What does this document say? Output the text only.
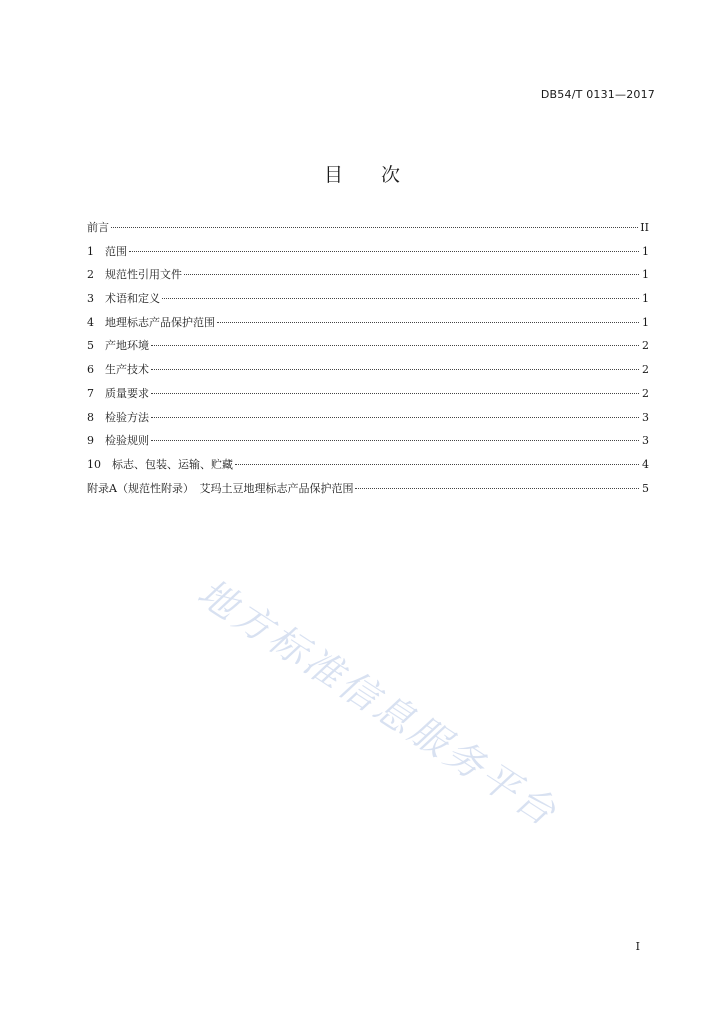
DB54/T 0131—2017
目次
前言	II
1	范围	1
2	规范性引用文件	1
3	术语和定义	1
4	地理标志产品保护范围	1
5	产地环境	2
6	生产技术	2
7	质量要求	2
8	检验方法	3
9	检验规则	3
10	标志、包装、运输、贮藏	4
附录A（规范性附录）　艾玛土豆地理标志产品保护范围	5
地方标准信息服务平台
I
